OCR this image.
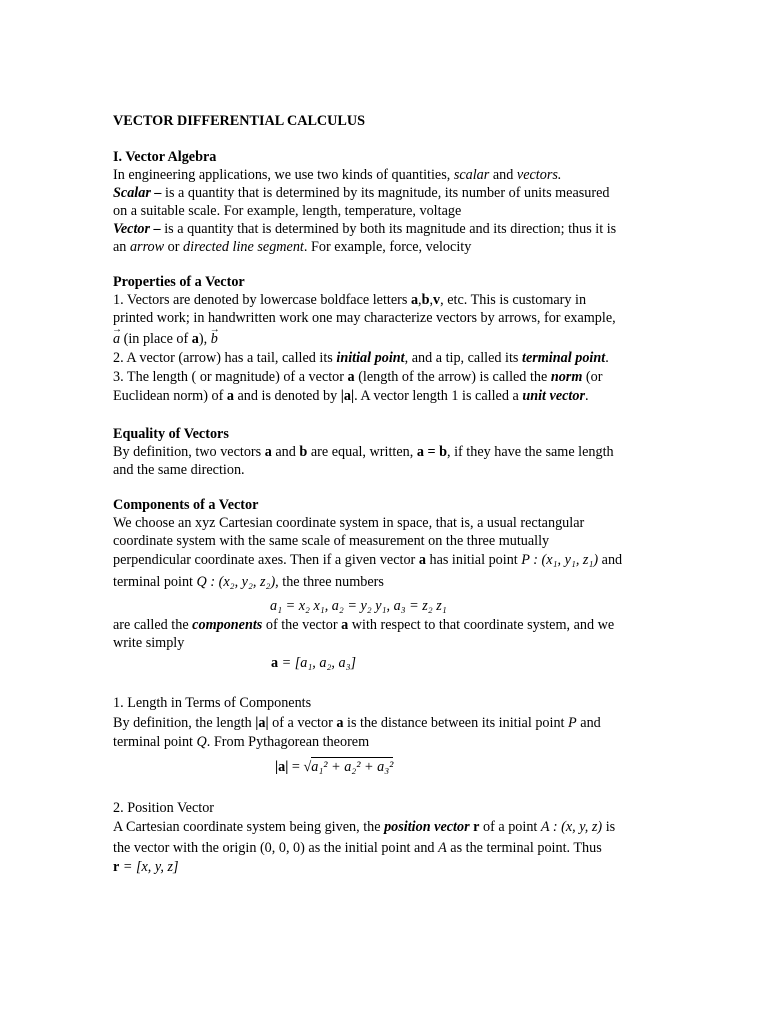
VECTOR DIFFERENTIAL CALCULUS
I. Vector Algebra
In engineering applications, we use two kinds of quantities, scalar and vectors.
Scalar – is a quantity that is determined by its magnitude, its number of units measured
on a suitable scale. For example, length, temperature, voltage
Vector – is a quantity that is determined by both its magnitude and its direction; thus it is
an arrow or directed line segment. For example, force, velocity
Properties of a Vector
1. Vectors are denoted by lowercase boldface letters a,b,v, etc. This is customary in
printed work; in handwritten work one may characterize vectors by arrows, for example,
→ a (in place of a), → b
2. A vector (arrow) has a tail, called its initial point, and a tip, called its terminal point.
3. The length ( or magnitude) of a vector a (length of the arrow) is called the norm (or
Euclidean norm) of a and is denoted by |a|. A vector length 1 is called a unit vector.
Equality of Vectors
By definition, two vectors a and b are equal, written, a = b, if they have the same length
and the same direction.
Components of a Vector
We choose an xyz Cartesian coordinate system in space, that is, a usual rectangular
coordinate system with the same scale of measurement on the three mutually
perpendicular coordinate axes. Then if a given vector a has initial point P : (x₁, y₁, z₁) and
terminal point Q : (x₂, y₂, z₂), the three numbers
a₁ = x₂ x₁, a₂ = y₂ y₁, a₃ = z₂ z₁
are called the components of the vector a with respect to that coordinate system, and we
write simply
a = [a₁, a₂, a₃]
1. Length in Terms of Components
By definition, the length |a| of a vector a is the distance between its initial point P and
terminal point Q. From Pythagorean theorem
|a| = √a₁² + a₂² + a₃²
2. Position Vector
A Cartesian coordinate system being given, the position vector r of a point A : (x, y, z) is
the vector with the origin (0, 0, 0) as the initial point and A as the terminal point. Thus
r = [x, y, z]
